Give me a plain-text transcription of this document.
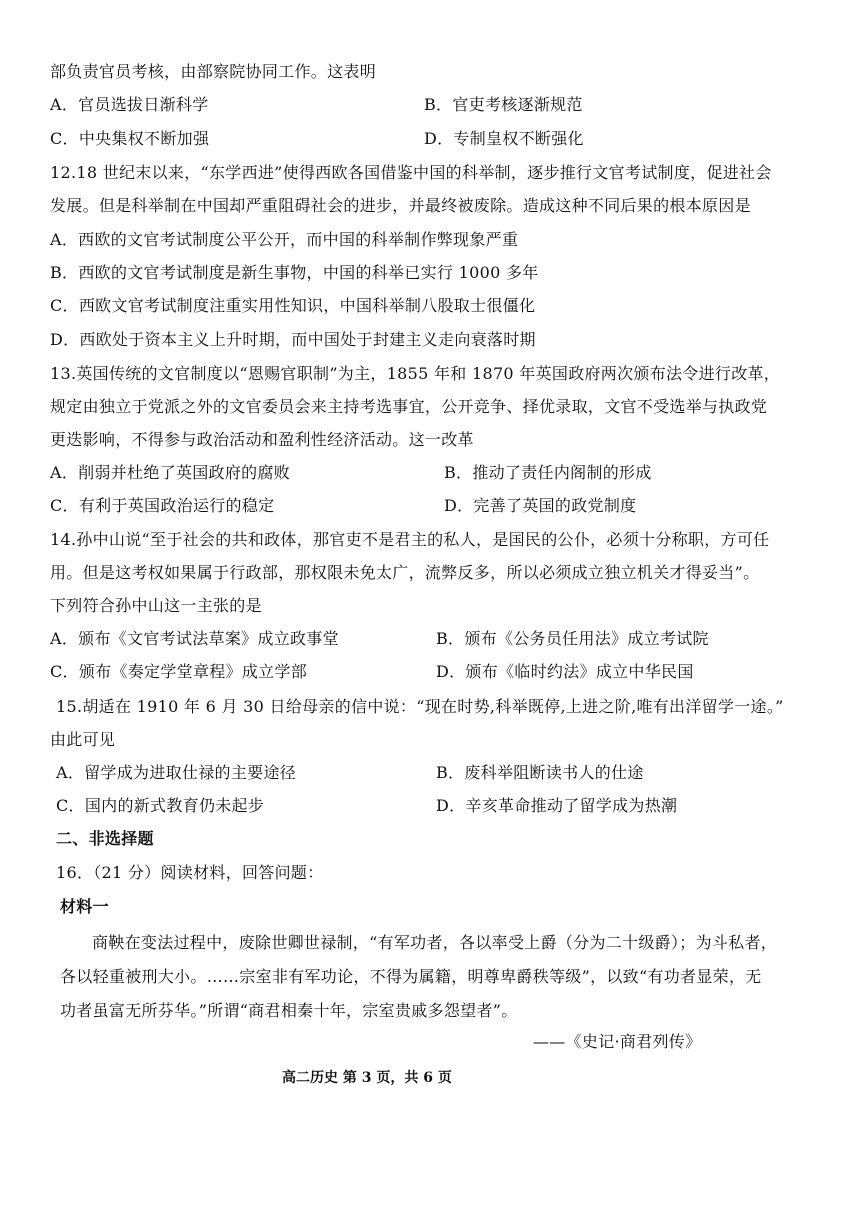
部负责官员考核，由部察院协同工作。这表明
A．官员选拔日渐科学	B．官吏考核逐渐规范
C．中央集权不断加强	D．专制皇权不断强化
12.18 世纪末以来，“东学西进”使得西欧各国借鉴中国的科举制，逐步推行文官考试制度，促进社会
发展。但是科举制在中国却严重阻碍社会的进步，并最终被废除。造成这种不同后果的根本原因是
A．西欧的文官考试制度公平公开，而中国的科举制作弊现象严重
B．西欧的文官考试制度是新生事物，中国的科举已实行 1000 多年
C．西欧文官考试制度注重实用性知识，中国科举制八股取士很僵化
D．西欧处于资本主义上升时期，而中国处于封建主义走向衰落时期
13.英国传统的文官制度以“恩赐官职制”为主，1855 年和 1870 年英国政府两次颁布法令进行改革，
规定由独立于党派之外的文官委员会来主持考选事宜，公开竞争、择优录取，文官不受选举与执政党
更迭影响，不得参与政治活动和盈利性经济活动。这一改革
A．削弱并杜绝了英国政府的腐败	B．推动了责任内阁制的形成
C．有利于英国政治运行的稳定	D．完善了英国的政党制度
14.孙中山说“至于社会的共和政体，那官吏不是君主的私人，是国民的公仆，必须十分称职，方可任
用。但是这考权如果属于行政部，那权限未免太广，流弊反多，所以必须成立独立机关才得妥当”。
下列符合孙中山这一主张的是
A．颁布《文官考试法草案》成立政事堂	B．颁布《公务员任用法》成立考试院
C．颁布《奏定学堂章程》成立学部	D．颁布《临时约法》成立中华民国
15.胡适在 1910 年 6 月 30 日给母亲的信中说：“现在时势,科举既停,上进之阶,唯有出洋留学一途。”
由此可见
A．留学成为进取仕禄的主要途径	B．废科举阻断读书人的仕途
C．国内的新式教育仍未起步	D．辛亥革命推动了留学成为热潮
二、非选择题
16．（21 分）阅读材料，回答问题：
材料一
商鞅在变法过程中，废除世卿世禄制，“有军功者，各以率受上爵（分为二十级爵）；为斗私者，
各以轻重被刑大小。……宗室非有军功论，不得为属籍，明尊卑爵秩等级”，以致“有功者显荣，无
功者虽富无所芬华。”所谓“商君相秦十年，宗室贵戚多怨望者”。
——《史记·商君列传》
高二历史 第 3 页，共 6 页
